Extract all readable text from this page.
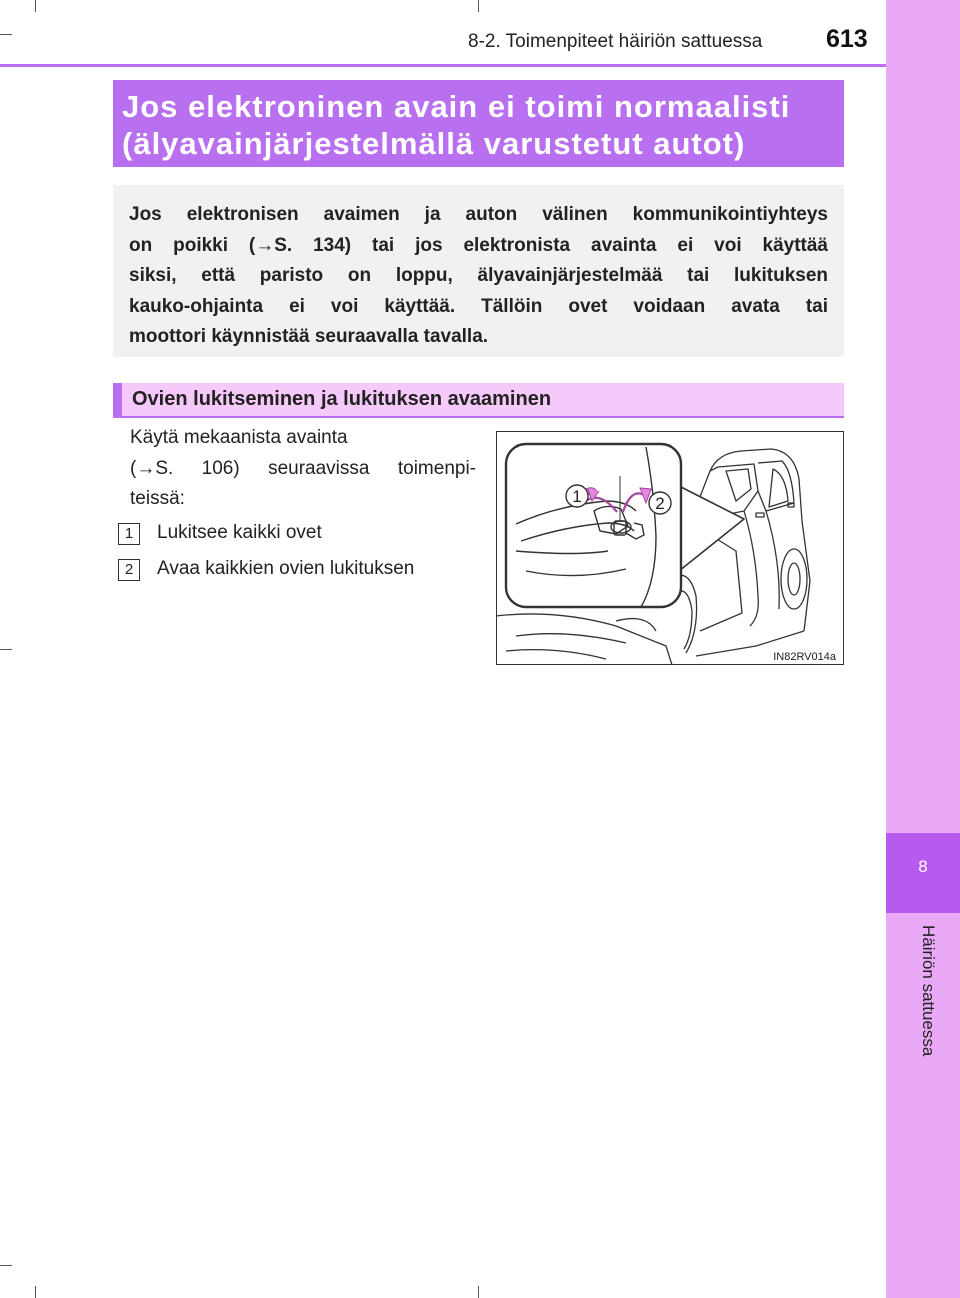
8
Häiriön sattuessa
8-2. Toimenpiteet häiriön sattuessa	613
Jos elektroninen avain ei toimi normaalisti
(älyavainjärjestelmällä varustetut autot)
Jos elektronisen avaimen ja auton välinen kommunikointiyhteys
on poikki (→S. 134) tai jos elektronista avainta ei voi käyttää
siksi, että paristo on loppu, älyavainjärjestelmää tai lukituksen
kauko-ohjainta ei voi käyttää. Tällöin ovet voidaan avata tai
moottori käynnistää seuraavalla tavalla.
Ovien lukitseminen ja lukituksen avaaminen
Käytä mekaanista avainta
(→S. 106) seuraavissa toimenpi-
teissä:
1	Lukitsee kaikki ovet
2	Avaa kaikkien ovien lukituksen
1	2
IN82RV014a
